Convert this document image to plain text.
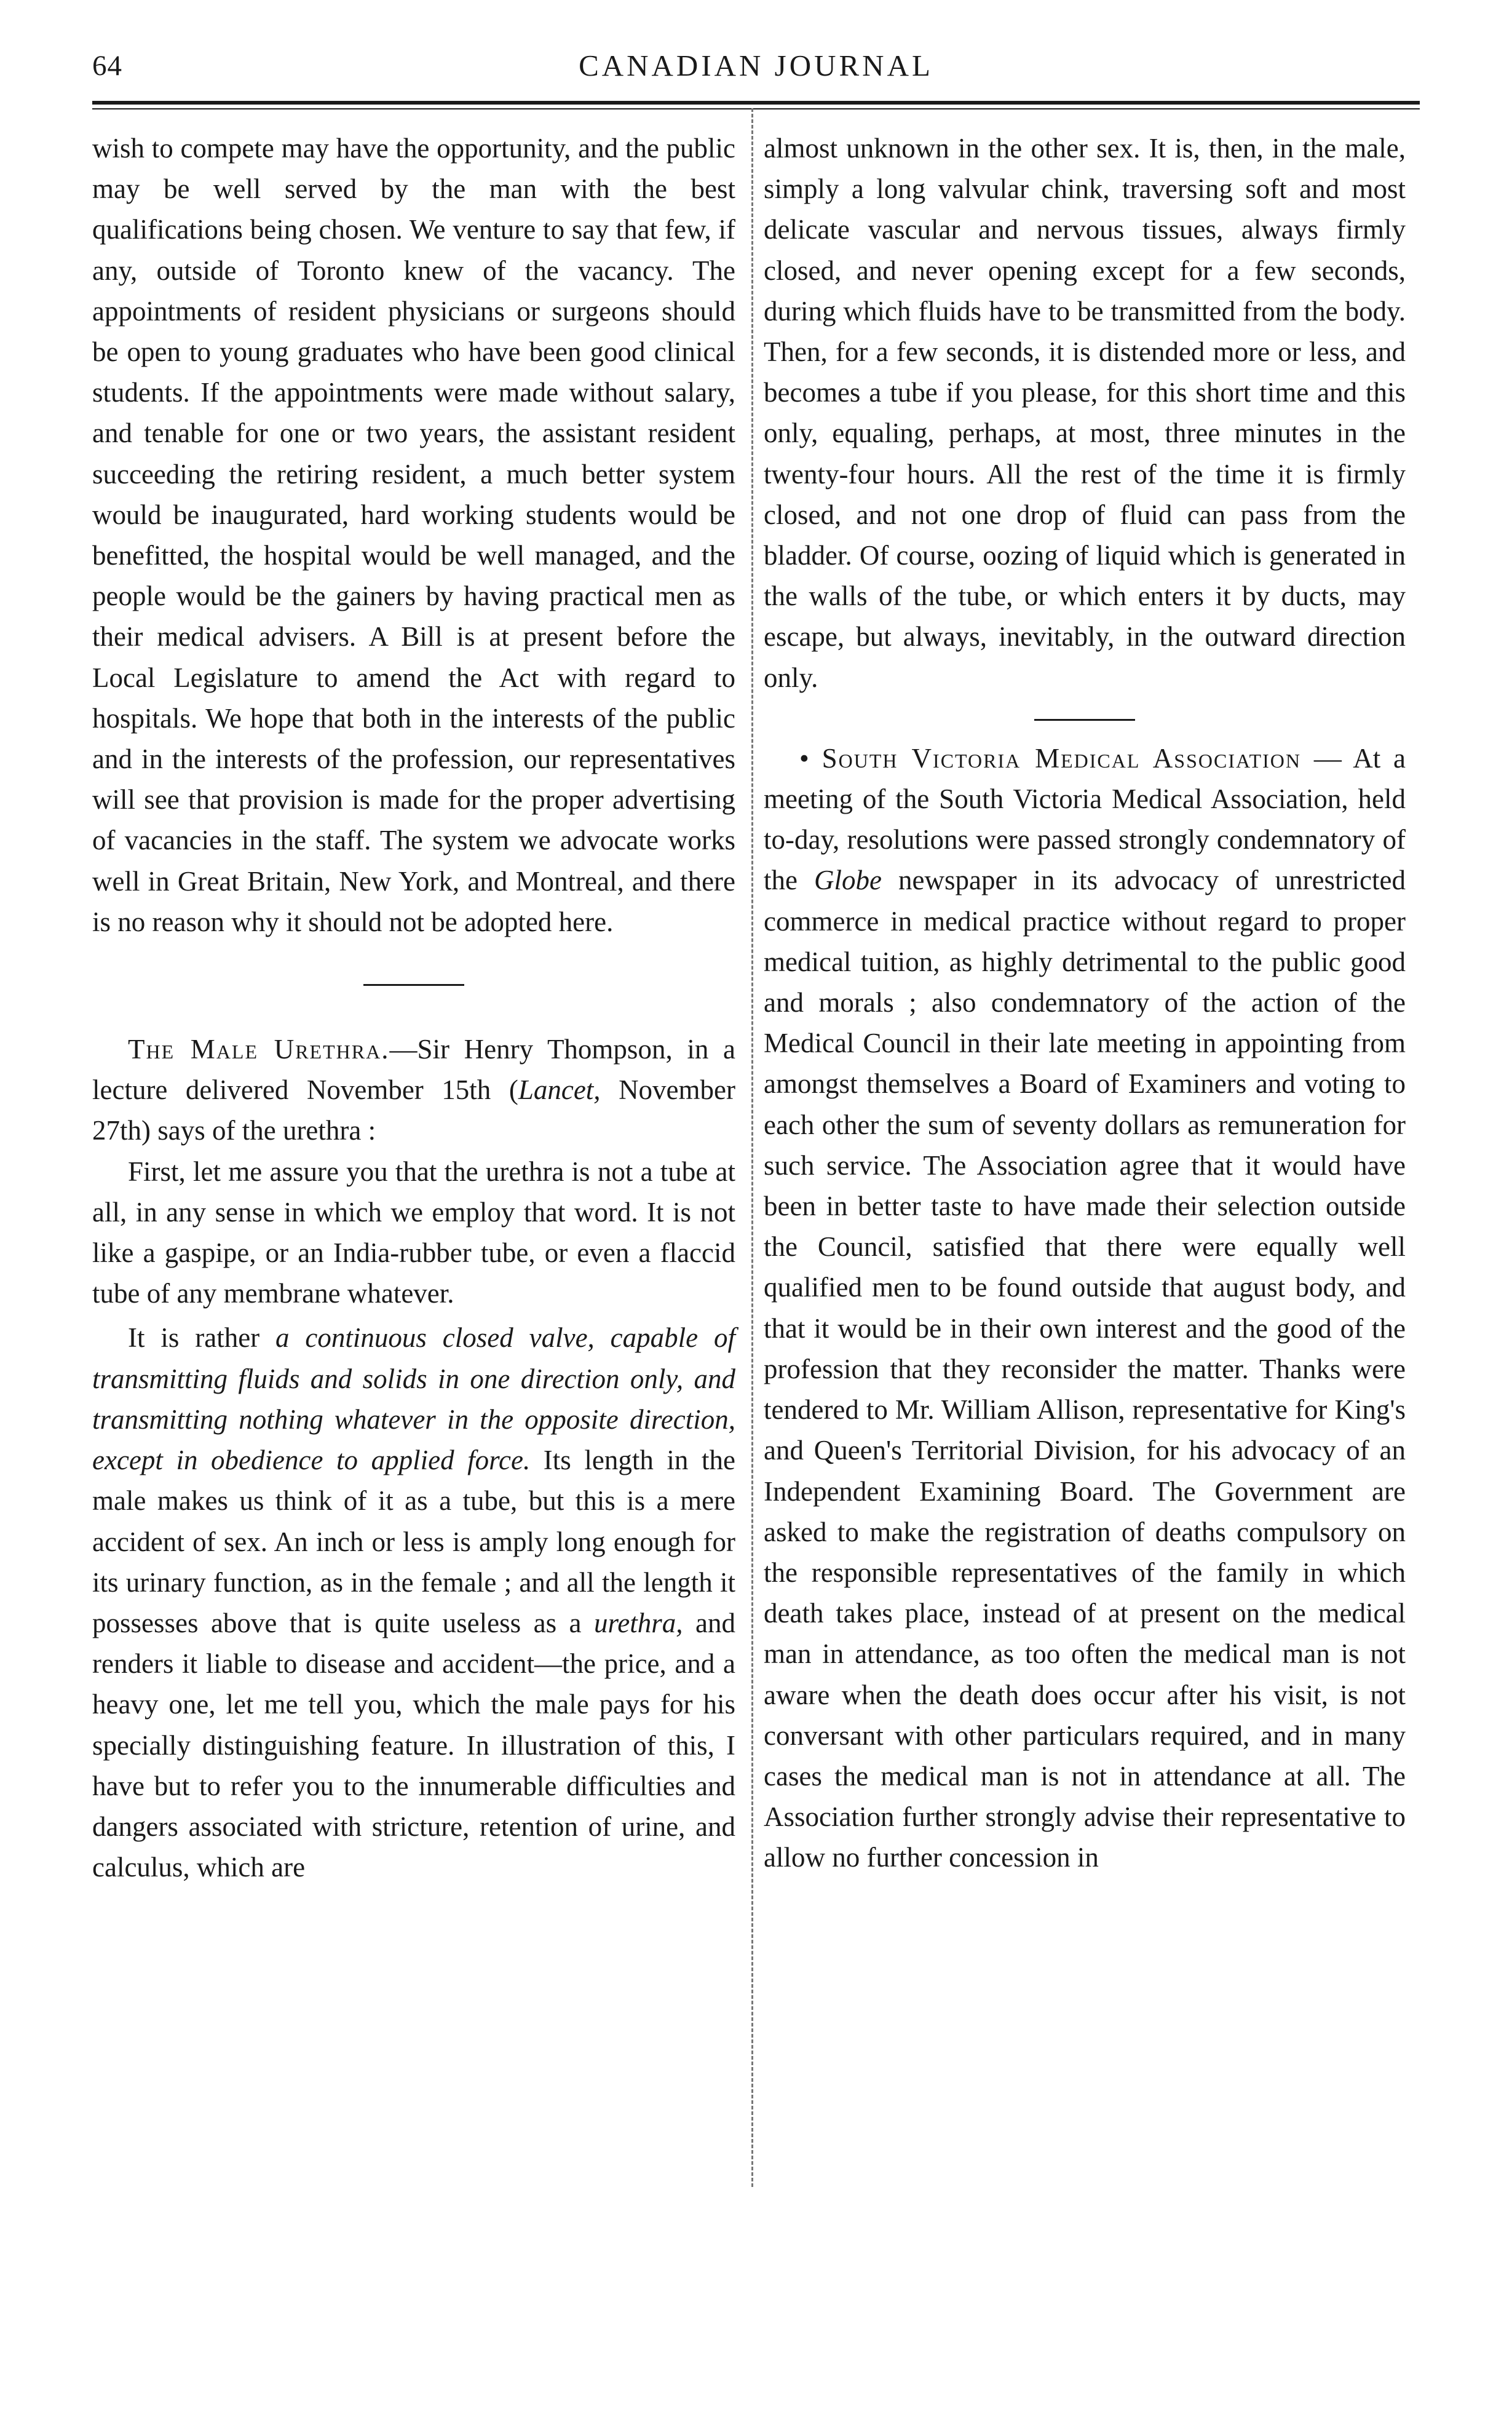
64	CANADIAN JOURNAL

wish to compete may have the opportunity, and the public may be well served by the man with the best qualifications being chosen. We venture to say that few, if any, outside of Toronto knew of the vacancy. The appointments of resident physicians or surgeons should be open to young graduates who have been good clinical students. If the appointments were made without salary, and tenable for one or two years, the assistant resident succeeding the retiring resident, a much better system would be inaugurated, hard working students would be benefitted, the hospital would be well managed, and the people would be the gainers by having practical men as their medical advisers. A Bill is at present before the Local Legislature to amend the Act with regard to hospitals. We hope that both in the interests of the public and in the interests of the profession, our representatives will see that provision is made for the proper advertising of vacancies in the staff. The system we advocate works well in Great Britain, New York, and Montreal, and there is no reason why it should not be adopted here.

The Male Urethra.—Sir Henry Thompson, in a lecture delivered November 15th (Lancet, November 27th) says of the urethra :

First, let me assure you that the urethra is not a tube at all, in any sense in which we employ that word. It is not like a gaspipe, or an India-rubber tube, or even a flaccid tube of any membrane whatever.

It is rather a continuous closed valve, capable of transmitting fluids and solids in one direction only, and transmitting nothing whatever in the opposite direction, except in obedience to applied force. Its length in the male makes us think of it as a tube, but this is a mere accident of sex. An inch or less is amply long enough for its urinary function, as in the female ; and all the length it possesses above that is quite useless as a urethra, and renders it liable to disease and accident—the price, and a heavy one, let me tell you, which the male pays for his specially distinguishing feature. In illustration of this, I have but to refer you to the innumerable difficulties and dangers associated with stricture, retention of urine, and calculus, which are

almost unknown in the other sex. It is, then, in the male, simply a long valvular chink, traversing soft and most delicate vascular and nervous tissues, always firmly closed, and never opening except for a few seconds, during which fluids have to be transmitted from the body. Then, for a few seconds, it is distended more or less, and becomes a tube if you please, for this short time and this only, equaling, perhaps, at most, three minutes in the twenty-four hours. All the rest of the time it is firmly closed, and not one drop of fluid can pass from the bladder. Of course, oozing of liquid which is generated in the walls of the tube, or which enters it by ducts, may escape, but always, inevitably, in the outward direction only.

• South Victoria Medical Association — At a meeting of the South Victoria Medical Association, held to-day, resolutions were passed strongly condemnatory of the Globe newspaper in its advocacy of unrestricted commerce in medical practice without regard to proper medical tuition, as highly detrimental to the public good and morals ; also condemnatory of the action of the Medical Council in their late meeting in appointing from amongst themselves a Board of Examiners and voting to each other the sum of seventy dollars as remuneration for such service. The Association agree that it would have been in better taste to have made their selection outside the Council, satisfied that there were equally well qualified men to be found outside that august body, and that it would be in their own interest and the good of the profession that they reconsider the matter. Thanks were tendered to Mr. William Allison, representative for King's and Queen's Territorial Division, for his advocacy of an Independent Examining Board. The Government are asked to make the registration of deaths compulsory on the responsible representatives of the family in which death takes place, instead of at present on the medical man in attendance, as too often the medical man is not aware when the death does occur after his visit, is not conversant with other particulars required, and in many cases the medical man is not in attendance at all. The Association further strongly advise their representative to allow no further concession in
